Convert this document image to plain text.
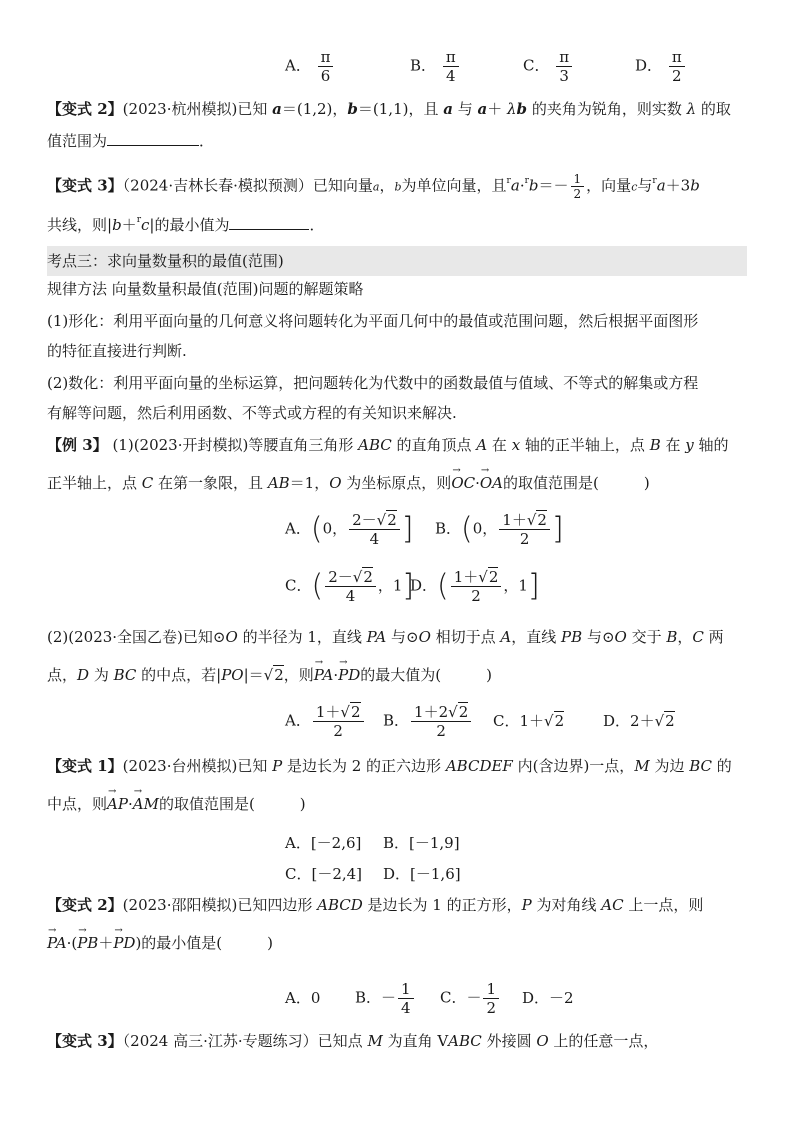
A． $\frac{\pi}{6}$	B． $\frac{\pi}{4}$	C． $\frac{\pi}{3}$	D． $\frac{\pi}{2}$
【变式 2】(2023·杭州模拟)已知 a＝(1,2)，b＝(1,1)，且 a 与 a＋ λb 的夹角为锐角，则实数 λ 的取
值范围为	．
【变式 3】（2024·吉林长春·模拟预测）已知向量a，b为单位向量，且$^ra\cdot^rb=- \frac{1}{2}$ ，向量c与$^r$a＋3b
共线，则|b＋$^r$c|的最小值为	．
考点三：求向量数量积的最值(范围)
规律方法 向量数量积最值(范围)问题的解题策略
(1)形化：利用平面向量的几何意义将问题转化为平面几何中的最值或范围问题，然后根据平面图形
的特征直接进行判断.
(2)数化：利用平面向量的坐标运算，把问题转化为代数中的函数最值与值域、不等式的解集或方程
有解等问题，然后利用函数、不等式或方程的有关知识来解决.
【例 3】 (1)(2023·开封模拟)等腰直角三角形 ABC 的直角顶点 A 在 x 轴的正半轴上，点 B 在 y 轴的
正半轴上，点 C 在第一象限，且 AB＝1，O 为坐标原点，则→ OC·→ OA的取值范围是(　　　)
A．(0， $\frac{2-√2}{4}$ ] B．(0， $\frac{1+√2}{2}$ ]
C．( $\frac{2-√2}{4}$ ，1]D．( $\frac{1+√2}{2}$ ，1]
(2)(2023·全国乙卷)已知⊙O 的半径为 1，直线 PA 与⊙O 相切于点 A，直线 PB 与⊙O 交于 B，C 两
点，D 为 BC 的中点，若|PO|＝√2，则→ PA·→ PD的最大值为(　　　)
A． $\frac{1+√2}{2}$ B． $\frac{1+2√2}{2}$ C．1＋√2	D．2＋√2
【变式 1】(2023·台州模拟)已知 P 是边长为 2 的正六边形 ABCDEF 内(含边界)一点，M 为边 BC 的
中点，则→ AP·→ AM的取值范围是(　　　)
A．[－2,6] B．[－1,9]
C．[－2,4] D．[－1,6]
【变式 2】(2023·邵阳模拟)已知四边形 ABCD 是边长为 1 的正方形，P 为对角线 AC 上一点，则
→ PA·(→ PB＋→ PD)的最小值是(　　　)
A．0 B．－ $\frac{1}{4}$ C．－ $\frac{1}{2}$ D．－2
【变式 3】（2024 高三·江苏·专题练习）已知点 M 为直角 VABC 外接圆 O 上的任意一点，
